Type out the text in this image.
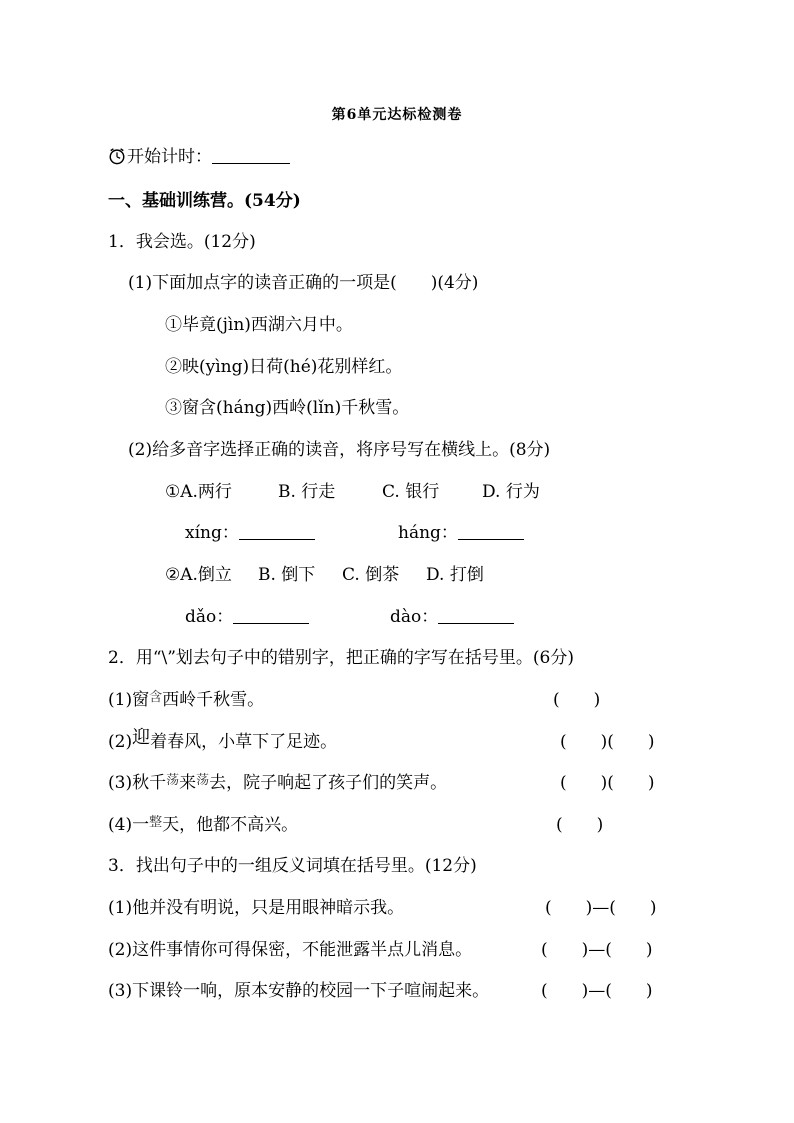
第6单元达标检测卷
开始计时：
一、基础训练营。(54分)
1．我会选。(12分)
(1)下面加点字的读音正确的一项是(　　)(4分)
①毕竟(jìn)西湖六月中。
②映(yìng)日荷(hé)花别样红。
③窗含(háng)西岭(lǐn)千秋雪。
(2)给多音字选择正确的读音，将序号写在横线上。(8分)
①A.两行	B. 行走	C. 银行	D. 行为
xíng：	háng：
②A.倒立 B. 倒下 C. 倒茶 D. 打倒
dǎo：	dào：
2．用“\”划去句子中的错别字，把正确的字写在括号里。(6分)
(1)窗$^含$西岭千秋雪。	(　　)
(2)迎着春风，小草下了足迹。	(　　)(　　)
(3)秋千$^荡$来$^荡$去，院子响起了孩子们的笑声。	(　　)(　　)
(4)一$^整$天，他都不高兴。	(　　)
3．找出句子中的一组反义词填在括号里。(12分)
(1)他并没有明说，只是用眼神暗示我。	(　　)—(　　)
(2)这件事情你可得保密，不能泄露半点儿消息。	(　　)—(　　)
(3)下课铃一响，原本安静的校园一下子喧闹起来。	(　　)—(　　)
